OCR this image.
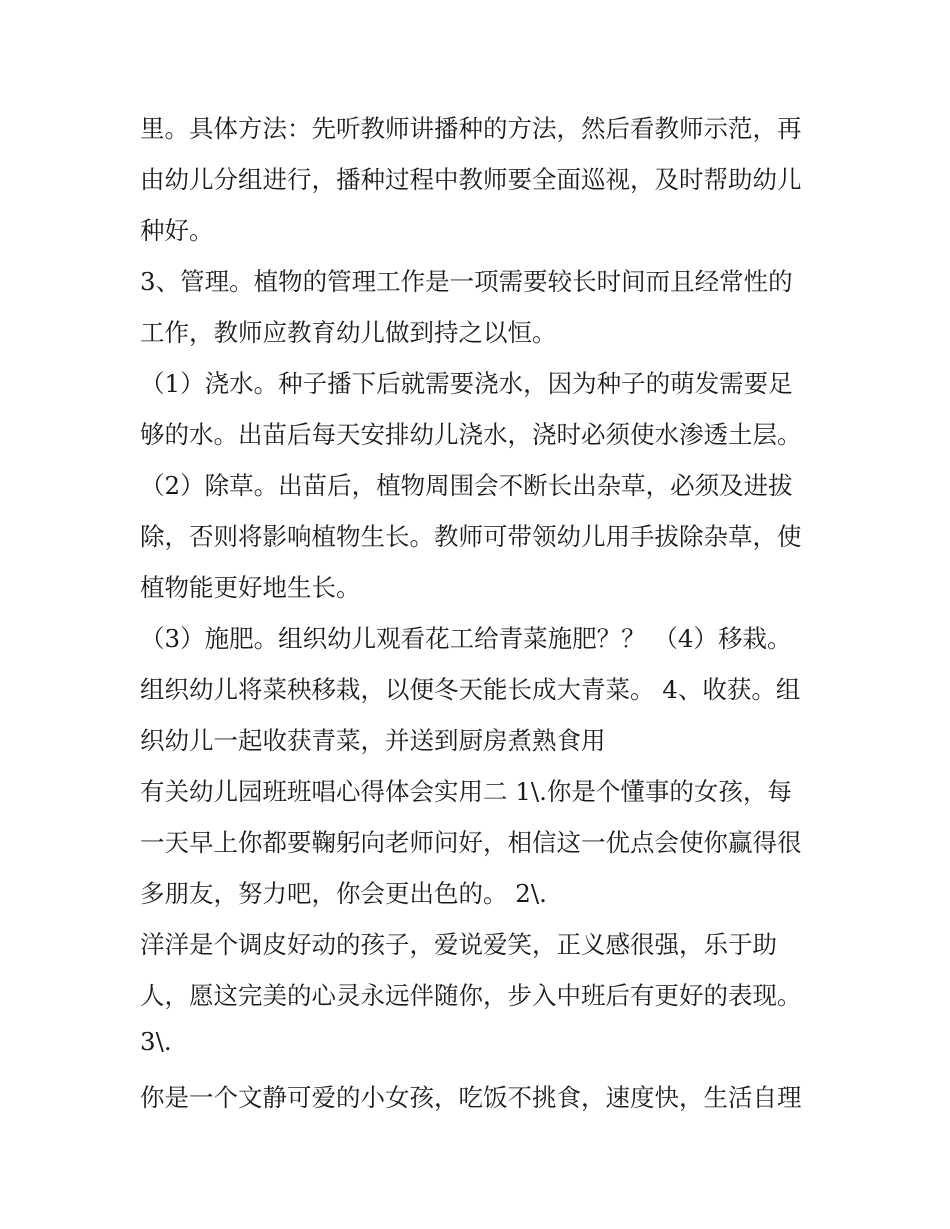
里。具体方法：先听教师讲播种的方法，然后看教师示范，再
由幼儿分组进行，播种过程中教师要全面巡视，及时帮助幼儿
种好。
3、管理。植物的管理工作是一项需要较长时间而且经常性的
工作，教师应教育幼儿做到持之以恒。
（1）浇水。种子播下后就需要浇水，因为种子的萌发需要足
够的水。出苗后每天安排幼儿浇水，浇时必须使水渗透土层。
（2）除草。出苗后，植物周围会不断长出杂草，必须及进拔
除，否则将影响植物生长。教师可带领幼儿用手拔除杂草，使
植物能更好地生长。
（3）施肥。组织幼儿观看花工给青菜施肥？？ （4）移栽。
组织幼儿将菜秧移栽，以便冬天能长成大青菜。 4、收获。组
织幼儿一起收获青菜，并送到厨房煮熟食用
有关幼儿园班班唱心得体会实用二 1\.你是个懂事的女孩，每
一天早上你都要鞠躬向老师问好，相信这一优点会使你赢得很
多朋友，努力吧，你会更出色的。 2\.
洋洋是个调皮好动的孩子，爱说爱笑，正义感很强，乐于助
人，愿这完美的心灵永远伴随你，步入中班后有更好的表现。
3\.
你是一个文静可爱的小女孩，吃饭不挑食，速度快，生活自理
